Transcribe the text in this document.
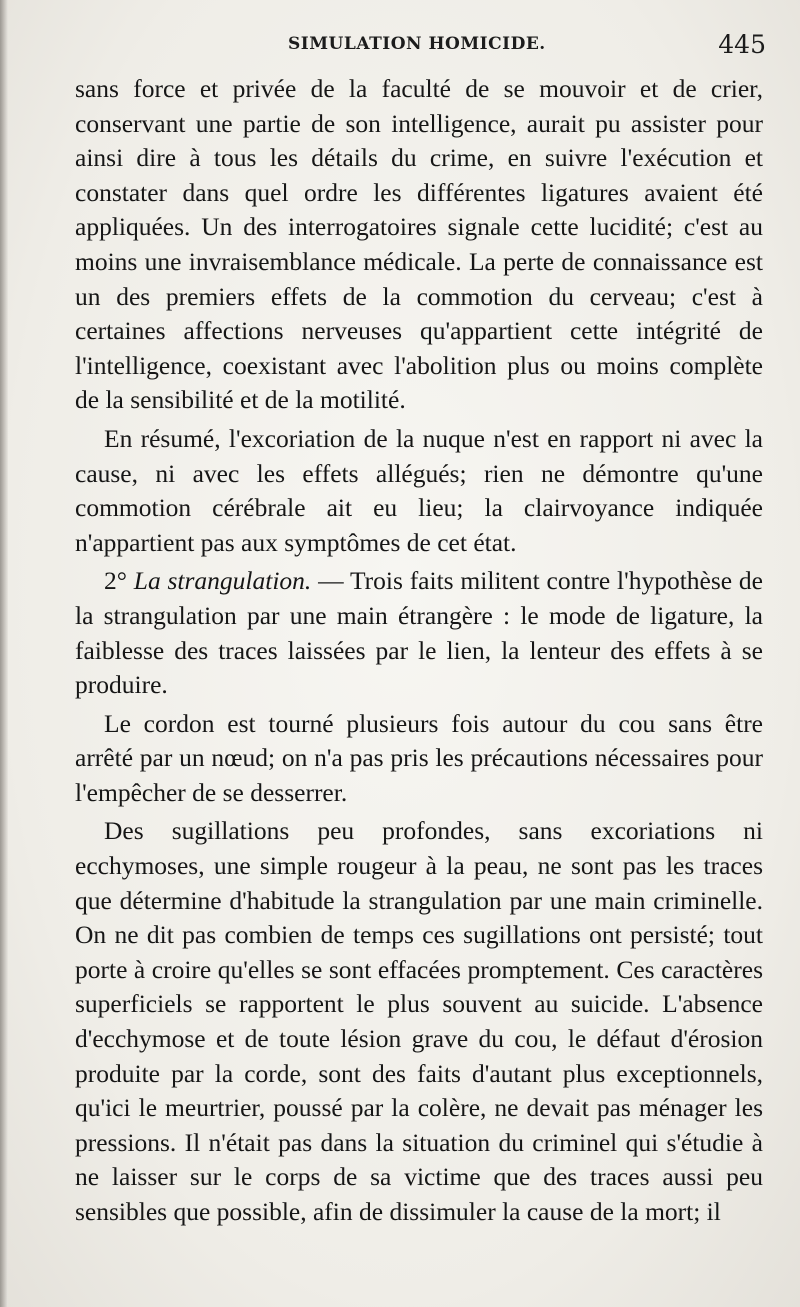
SIMULATION HOMICIDE.	445

sans force et privée de la faculté de se mouvoir et de crier, conservant une partie de son intelligence, aurait pu assister pour ainsi dire à tous les détails du crime, en suivre l'exécution et constater dans quel ordre les différentes ligatures avaient été appliquées. Un des interrogatoires signale cette lucidité; c'est au moins une invraisemblance médicale. La perte de connaissance est un des premiers effets de la commotion du cerveau; c'est à certaines affections nerveuses qu'appartient cette intégrité de l'intelligence, coexistant avec l'abolition plus ou moins complète de la sensibilité et de la motilité.

En résumé, l'excoriation de la nuque n'est en rapport ni avec la cause, ni avec les effets allégués; rien ne démontre qu'une commotion cérébrale ait eu lieu; la clairvoyance indiquée n'appartient pas aux symptômes de cet état.

2° La strangulation. — Trois faits militent contre l'hypothèse de la strangulation par une main étrangère : le mode de ligature, la faiblesse des traces laissées par le lien, la lenteur des effets à se produire.

Le cordon est tourné plusieurs fois autour du cou sans être arrêté par un nœud; on n'a pas pris les précautions nécessaires pour l'empêcher de se desserrer.

Des sugillations peu profondes, sans excoriations ni ecchymoses, une simple rougeur à la peau, ne sont pas les traces que détermine d'habitude la strangulation par une main criminelle. On ne dit pas combien de temps ces sugillations ont persisté; tout porte à croire qu'elles se sont effacées promptement. Ces caractères superficiels se rapportent le plus souvent au suicide. L'absence d'ecchymose et de toute lésion grave du cou, le défaut d'érosion produite par la corde, sont des faits d'autant plus exceptionnels, qu'ici le meurtrier, poussé par la colère, ne devait pas ménager les pressions. Il n'était pas dans la situation du criminel qui s'étudie à ne laisser sur le corps de sa victime que des traces aussi peu sensibles que possible, afin de dissimuler la cause de la mort; il
